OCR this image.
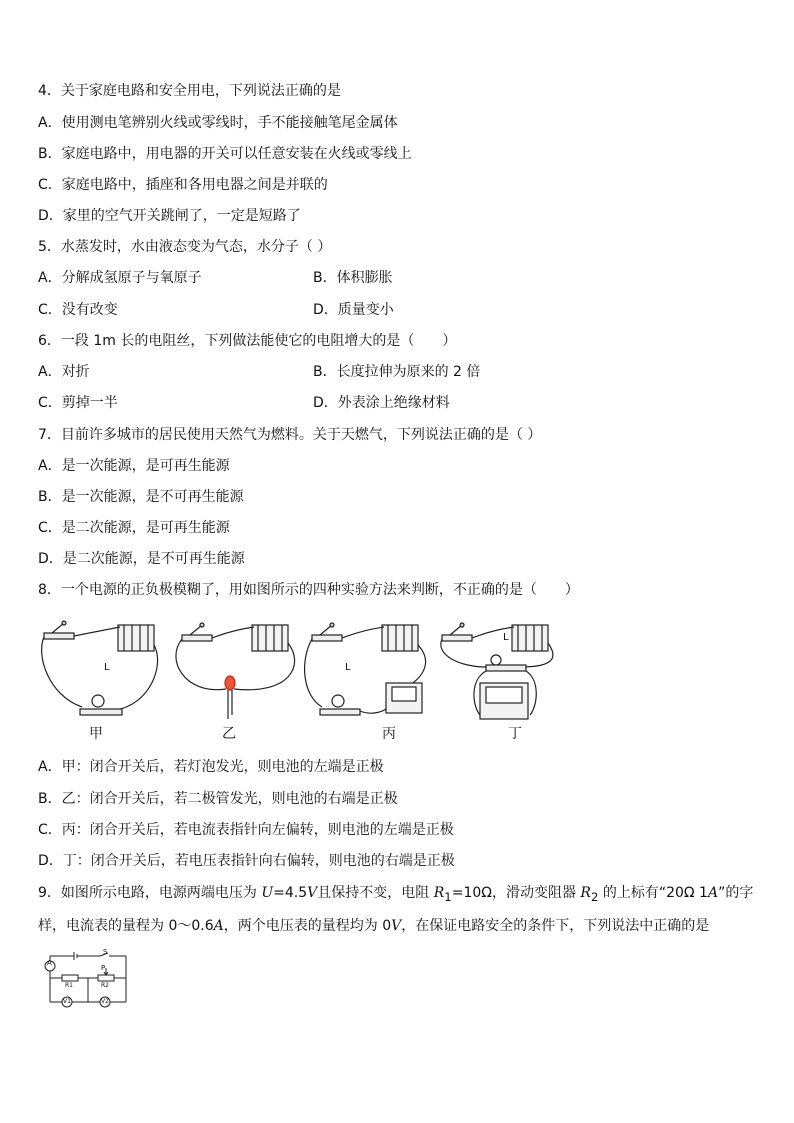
4．关于家庭电路和安全用电，下列说法正确的是
A．使用测电笔辨别火线或零线时，手不能接触笔尾金属体
B．家庭电路中，用电器的开关可以任意安装在火线或零线上
C．家庭电路中，插座和各用电器之间是并联的
D．家里的空气开关跳闸了，一定是短路了
5．水蒸发时，水由液态变为气态，水分子（ ）
A．分解成氢原子与氧原子	B．体积膨胀
C．没有改变	D．质量变小
6．一段 1m 长的电阻丝，下列做法能使它的电阻增大的是（　　）
A．对折	B．长度拉伸为原来的 2 倍
C．剪掉一半	D．外表涂上绝缘材料
7．目前许多城市的居民使用天然气为燃料。关于天燃气，下列说法正确的是（ ）
A．是一次能源，是可再生能源
B．是一次能源，是不可再生能源
C．是二次能源，是可再生能源
D．是二次能源，是不可再生能源
8．一个电源的正负极模糊了，用如图所示的四种实验方法来判断，不正确的是（　　）
L	L
L
甲	乙	丙	丁
A．甲：闭合开关后，若灯泡发光，则电池的左端是正极
B．乙：闭合开关后，若二极管发光，则电池的右端是正极
C．丙：闭合开关后，若电流表指针向左偏转，则电池的左端是正极
D．丁：闭合开关后，若电压表指针向右偏转，则电池的右端是正极
9．如图所示电路，电源两端电压为 U=4.5V且保持不变，电阻 $R_1=10\Omega$，滑动变阻器 $R_2$ 的上标有“20Ω 1A”的字样，电流表的量程为 0～0.6A，两个电压表的量程均为 0V，在保证电路安全的条件下，下列说法中正确的是
A
S
P
R1	R2
V1	V2
